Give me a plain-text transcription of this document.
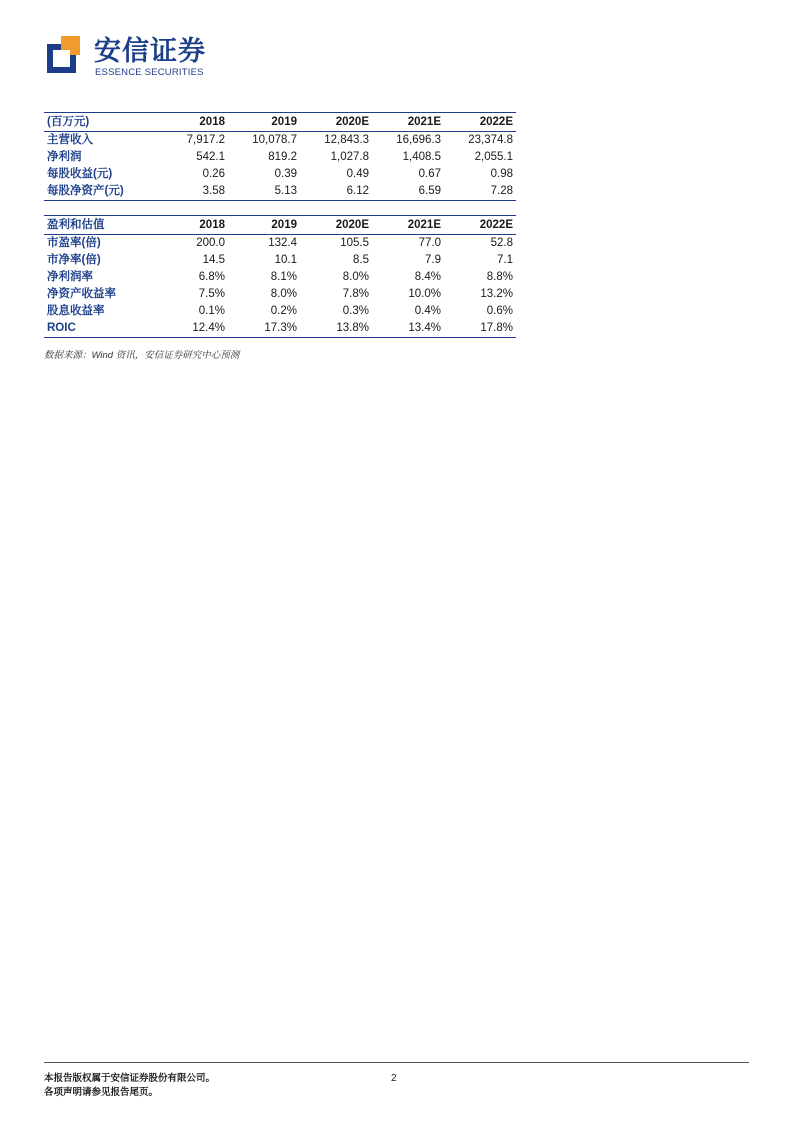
安信证券
ESSENCE SECURITIES
(百万元)	2018	2019	2020E	2021E	2022E
主营收入	7,917.2	10,078.7	12,843.3	16,696.3	23,374.8
净利润	542.1	819.2	1,027.8	1,408.5	2,055.1
每股收益(元)	0.26	0.39	0.49	0.67	0.98
每股净资产(元)	3.58	5.13	6.12	6.59	7.28
盈利和估值	2018	2019	2020E	2021E	2022E
市盈率(倍)	200.0	132.4	105.5	77.0	52.8
市净率(倍)	14.5	10.1	8.5	7.9	7.1
净利润率	6.8%	8.1%	8.0%	8.4%	8.8%
净资产收益率	7.5%	8.0%	7.8%	10.0%	13.2%
股息收益率	0.1%	0.2%	0.3%	0.4%	0.6%
ROIC	12.4%	17.3%	13.8%	13.4%	17.8%
数据来源：Wind 资讯，安信证券研究中心预测
本报告版权属于安信证券股份有限公司。
各项声明请参见报告尾页。
2
